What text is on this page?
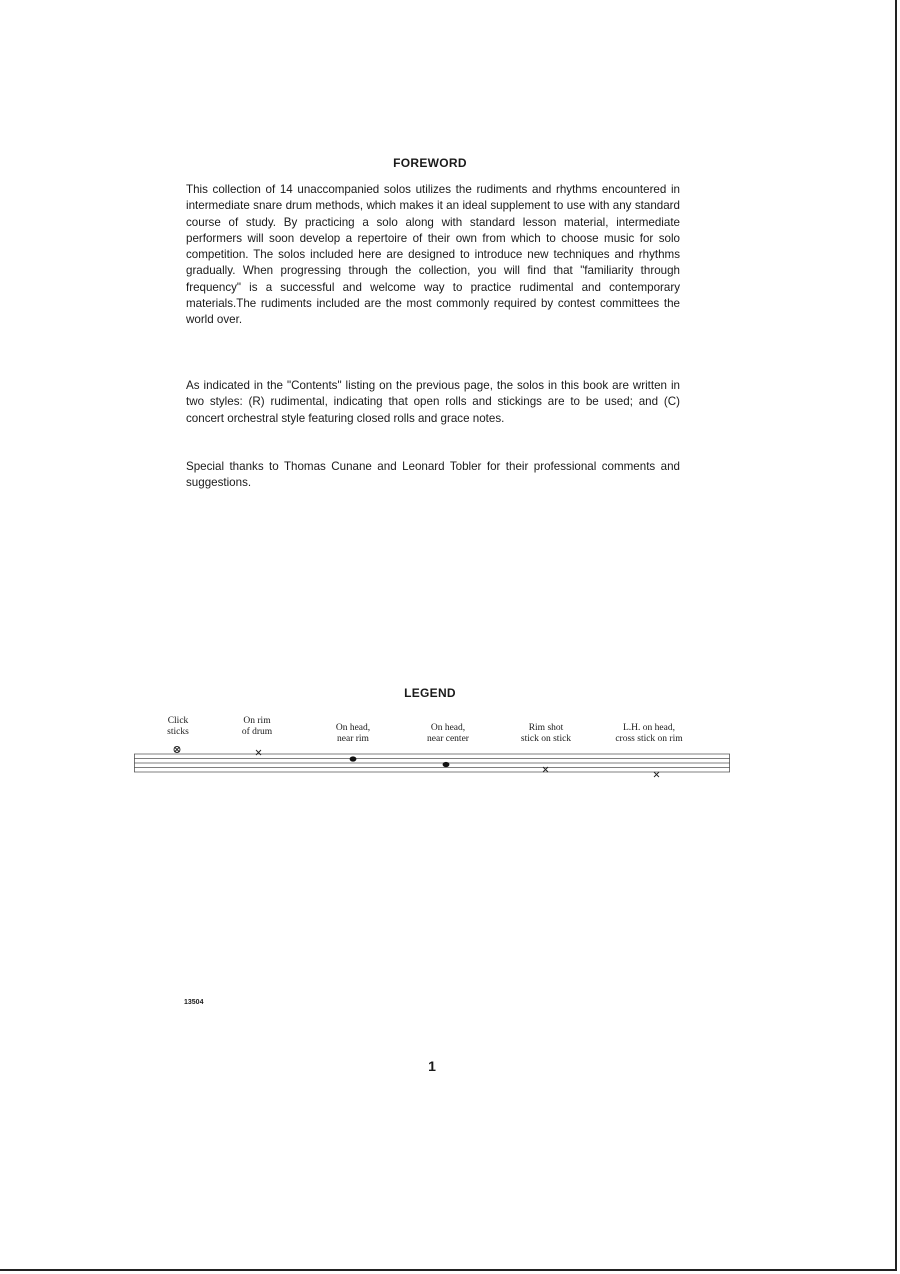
FOREWORD

This collection of 14 unaccompanied solos utilizes the rudiments and rhythms encountered in intermediate snare drum methods, which makes it an ideal supplement to use with any standard course of study. By practicing a solo along with standard lesson material, intermediate performers will soon develop a repertoire of their own from which to choose music for solo competition. The solos included here are designed to introduce new techniques and rhythms gradually. When progressing through the collection, you will find that "familiarity through frequency" is a successful and welcome way to practice rudimental and contemporary materials.The rudiments included are the most commonly required by contest committees the world over.

As indicated in the "Contents" listing on the previous page, the solos in this book are written in two styles: (R) rudimental, indicating that open rolls and stickings are to be used; and (C) concert orchestral style featuring closed rolls and grace notes.

Special thanks to Thomas Cunane and Leonard Tobler for their professional comments and suggestions.

LEGEND
Click
sticks
On rim
of drum	On head,
near rim
On head,
near center
Rim shot
stick on stick
L.H. on head,
cross stick on rim
13504
1
